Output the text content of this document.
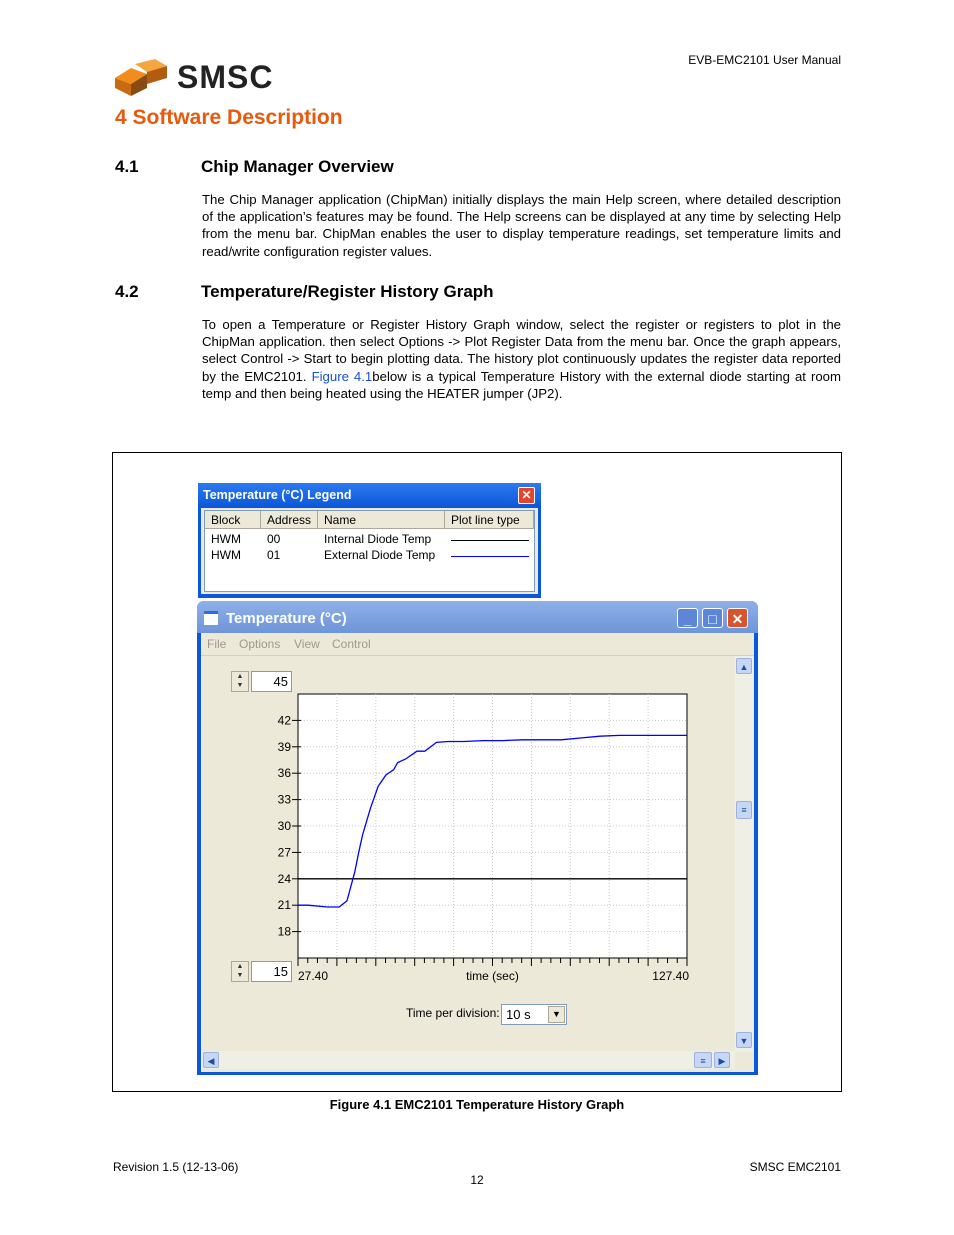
EVB-EMC2101 User Manual
SMSC
4 Software Description
4.1	Chip Manager Overview
The Chip Manager application (ChipMan) initially displays the main Help screen, where detailed description of the application’s features may be found. The Help screens can be displayed at any time by selecting Help from the menu bar. ChipMan enables the user to display temperature readings, set temperature limits and read/write configuration register values.
4.2	Temperature/Register History Graph
To open a Temperature or Register History Graph window, select the register or registers to plot in the ChipMan application. then select Options -> Plot Register Data from the menu bar. Once the graph appears, select Control -> Start to begin plotting data. The history plot continuously updates the register data reported by the EMC2101. Figure 4.1below is a typical Temperature History with the external diode starting at room temp and then being heated using the HEATER jumper (JP2).
Temperature (°C) Legend	✕
Block	Address	Name	Plot line type
HWM 00	Internal Diode Temp
HWM 01	External Diode Temp
Temperature (°C)	_	□	✕
File Options View Control
▲
▼	45
▲
▼	15
42
39
36
33
30
27
24
21
18
27.40	127.40
time (sec)
Time per division: 10 s	▼
▲
≡
▼
◀	≡	▶
Figure 4.1 EMC2101 Temperature History Graph
Revision 1.5 (12-13-06)	SMSC EMC2101
12
